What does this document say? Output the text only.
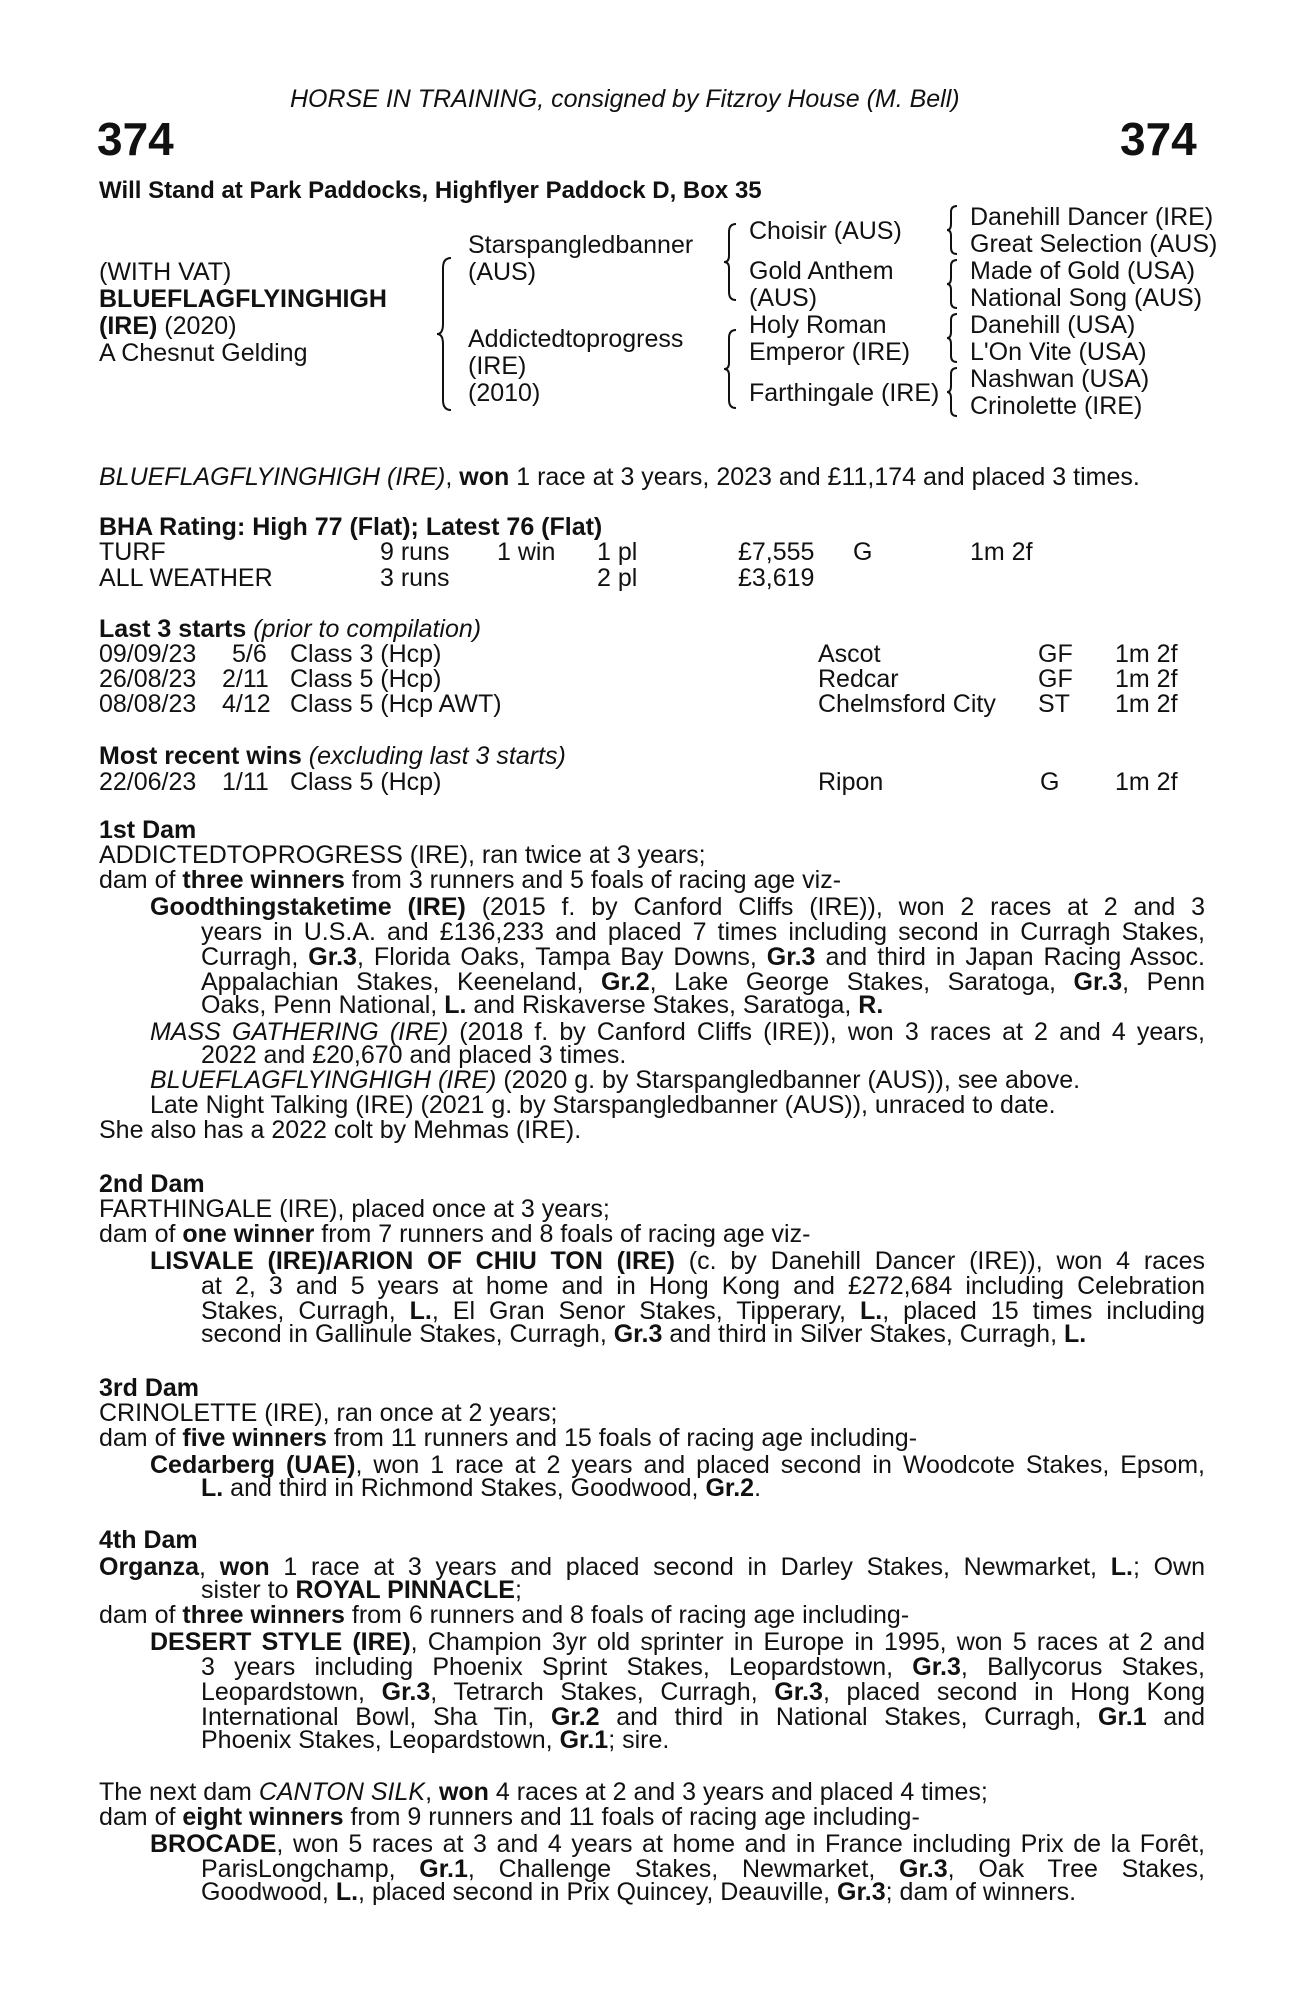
HORSE IN TRAINING, consigned by Fitzroy House (M. Bell)
374	374
Will Stand at Park Paddocks, Highflyer Paddock D, Box 35
(WITH VAT)
BLUEFLAGFLYINGHIGH
(IRE) (2020)
A Chesnut Gelding
Starspangledbanner
(AUS)
Addictedtoprogress
(IRE)
(2010)
Choisir (AUS)
Gold Anthem
(AUS)
Holy Roman
Emperor (IRE)
Farthingale (IRE)
Danehill Dancer (IRE)
Great Selection (AUS)
Made of Gold (USA)
National Song (AUS)
Danehill (USA)
L'On Vite (USA)
Nashwan (USA)
Crinolette (IRE)
BLUEFLAGFLYINGHIGH (IRE), won 1 race at 3 years, 2023 and £11,174 and placed 3 times.
BHA Rating: High 77 (Flat); Latest 76 (Flat)
TURF	9 runs 1 win 1 pl	£7,555 G	1m 2f
ALL WEATHER	3 runs	2 pl	£3,619
Last 3 starts (prior to compilation)
09/09/23 5/6 Class 3 (Hcp)	Ascot	GF 1m 2f
26/08/23 2/11 Class 5 (Hcp)	Redcar	GF 1m 2f
08/08/23 4/12 Class 5 (Hcp AWT)	Chelmsford City ST 1m 2f
Most recent wins (excluding last 3 starts)
22/06/23 1/11 Class 5 (Hcp)	Ripon	G 1m 2f
1st Dam
ADDICTEDTOPROGRESS (IRE), ran twice at 3 years;
dam of three winners from 3 runners and 5 foals of racing age viz-
Goodthingstaketime (IRE) (2015 f. by Canford Cliffs (IRE)), won 2 races at 2 and 3
years in U.S.A. and £136,233 and placed 7 times including second in Curragh Stakes,
Curragh, Gr.3, Florida Oaks, Tampa Bay Downs, Gr.3 and third in Japan Racing Assoc.
Appalachian Stakes, Keeneland, Gr.2, Lake George Stakes, Saratoga, Gr.3, Penn
Oaks, Penn National, L. and Riskaverse Stakes, Saratoga, R.
MASS GATHERING (IRE) (2018 f. by Canford Cliffs (IRE)), won 3 races at 2 and 4 years,
2022 and £20,670 and placed 3 times.
BLUEFLAGFLYINGHIGH (IRE) (2020 g. by Starspangledbanner (AUS)), see above.
Late Night Talking (IRE) (2021 g. by Starspangledbanner (AUS)), unraced to date.
She also has a 2022 colt by Mehmas (IRE).
2nd Dam
FARTHINGALE (IRE), placed once at 3 years;
dam of one winner from 7 runners and 8 foals of racing age viz-
LISVALE (IRE)/ARION OF CHIU TON (IRE) (c. by Danehill Dancer (IRE)), won 4 races
at 2, 3 and 5 years at home and in Hong Kong and £272,684 including Celebration
Stakes, Curragh, L., El Gran Senor Stakes, Tipperary, L., placed 15 times including
second in Gallinule Stakes, Curragh, Gr.3 and third in Silver Stakes, Curragh, L.
3rd Dam
CRINOLETTE (IRE), ran once at 2 years;
dam of five winners from 11 runners and 15 foals of racing age including-
Cedarberg (UAE), won 1 race at 2 years and placed second in Woodcote Stakes, Epsom,
L. and third in Richmond Stakes, Goodwood, Gr.2.
4th Dam
Organza, won 1 race at 3 years and placed second in Darley Stakes, Newmarket, L.; Own
sister to ROYAL PINNACLE;
dam of three winners from 6 runners and 8 foals of racing age including-
DESERT STYLE (IRE), Champion 3yr old sprinter in Europe in 1995, won 5 races at 2 and
3 years including Phoenix Sprint Stakes, Leopardstown, Gr.3, Ballycorus Stakes,
Leopardstown, Gr.3, Tetrarch Stakes, Curragh, Gr.3, placed second in Hong Kong
International Bowl, Sha Tin, Gr.2 and third in National Stakes, Curragh, Gr.1 and
Phoenix Stakes, Leopardstown, Gr.1; sire.
The next dam CANTON SILK, won 4 races at 2 and 3 years and placed 4 times;
dam of eight winners from 9 runners and 11 foals of racing age including-
BROCADE, won 5 races at 3 and 4 years at home and in France including Prix de la Forêt,
ParisLongchamp, Gr.1, Challenge Stakes, Newmarket, Gr.3, Oak Tree Stakes,
Goodwood, L., placed second in Prix Quincey, Deauville, Gr.3; dam of winners.
